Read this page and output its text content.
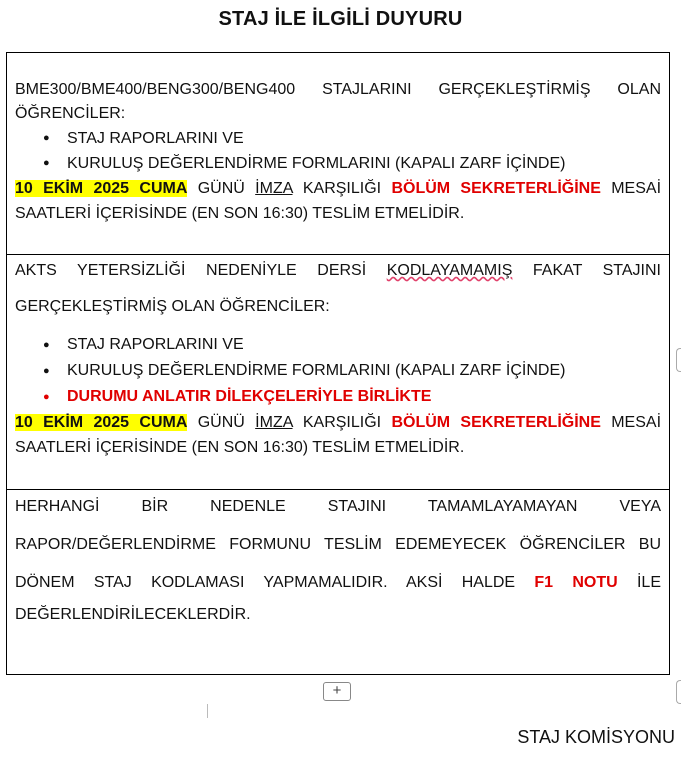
STAJ İLE İLGİLİ DUYURU
BME300/BME400/BENG300/BENG400 STAJLARINI GERÇEKLEŞTİRMİŞ OLAN
ÖĞRENCİLER:
● STAJ RAPORLARINI VE
● KURULUŞ DEĞERLENDİRME FORMLARINI (KAPALI ZARF İÇİNDE)
10 EKİM 2025 CUMA GÜNÜ İMZA KARŞILIĞI BÖLÜM SEKRETERLİĞİNE MESAİ
SAATLERİ İÇERİSİNDE (EN SON 16:30) TESLİM ETMELİDİR.
AKTS YETERSİZLİĞİ NEDENİYLE DERSİ KODLAYAMAMIŞ FAKAT STAJINI
GERÇEKLEŞTİRMİŞ OLAN ÖĞRENCİLER:
● STAJ RAPORLARINI VE
● KURULUŞ DEĞERLENDİRME FORMLARINI (KAPALI ZARF İÇİNDE)
● DURUMU ANLATIR DİLEKÇELERİYLE BİRLİKTE
10 EKİM 2025 CUMA GÜNÜ İMZA KARŞILIĞI BÖLÜM SEKRETERLİĞİNE MESAİ
SAATLERİ İÇERİSİNDE (EN SON 16:30) TESLİM ETMELİDİR.
HERHANGİ BİR NEDENLE STAJINI TAMAMLAYAMAYAN VEYA
RAPOR/DEĞERLENDİRME FORMUNU TESLİM EDEMEYECEK ÖĞRENCİLER BU
DÖNEM STAJ KODLAMASI YAPMAMALIDIR. AKSİ HALDE F1 NOTU İLE
DEĞERLENDİRİLECEKLERDİR.
+
STAJ KOMİSYONU
